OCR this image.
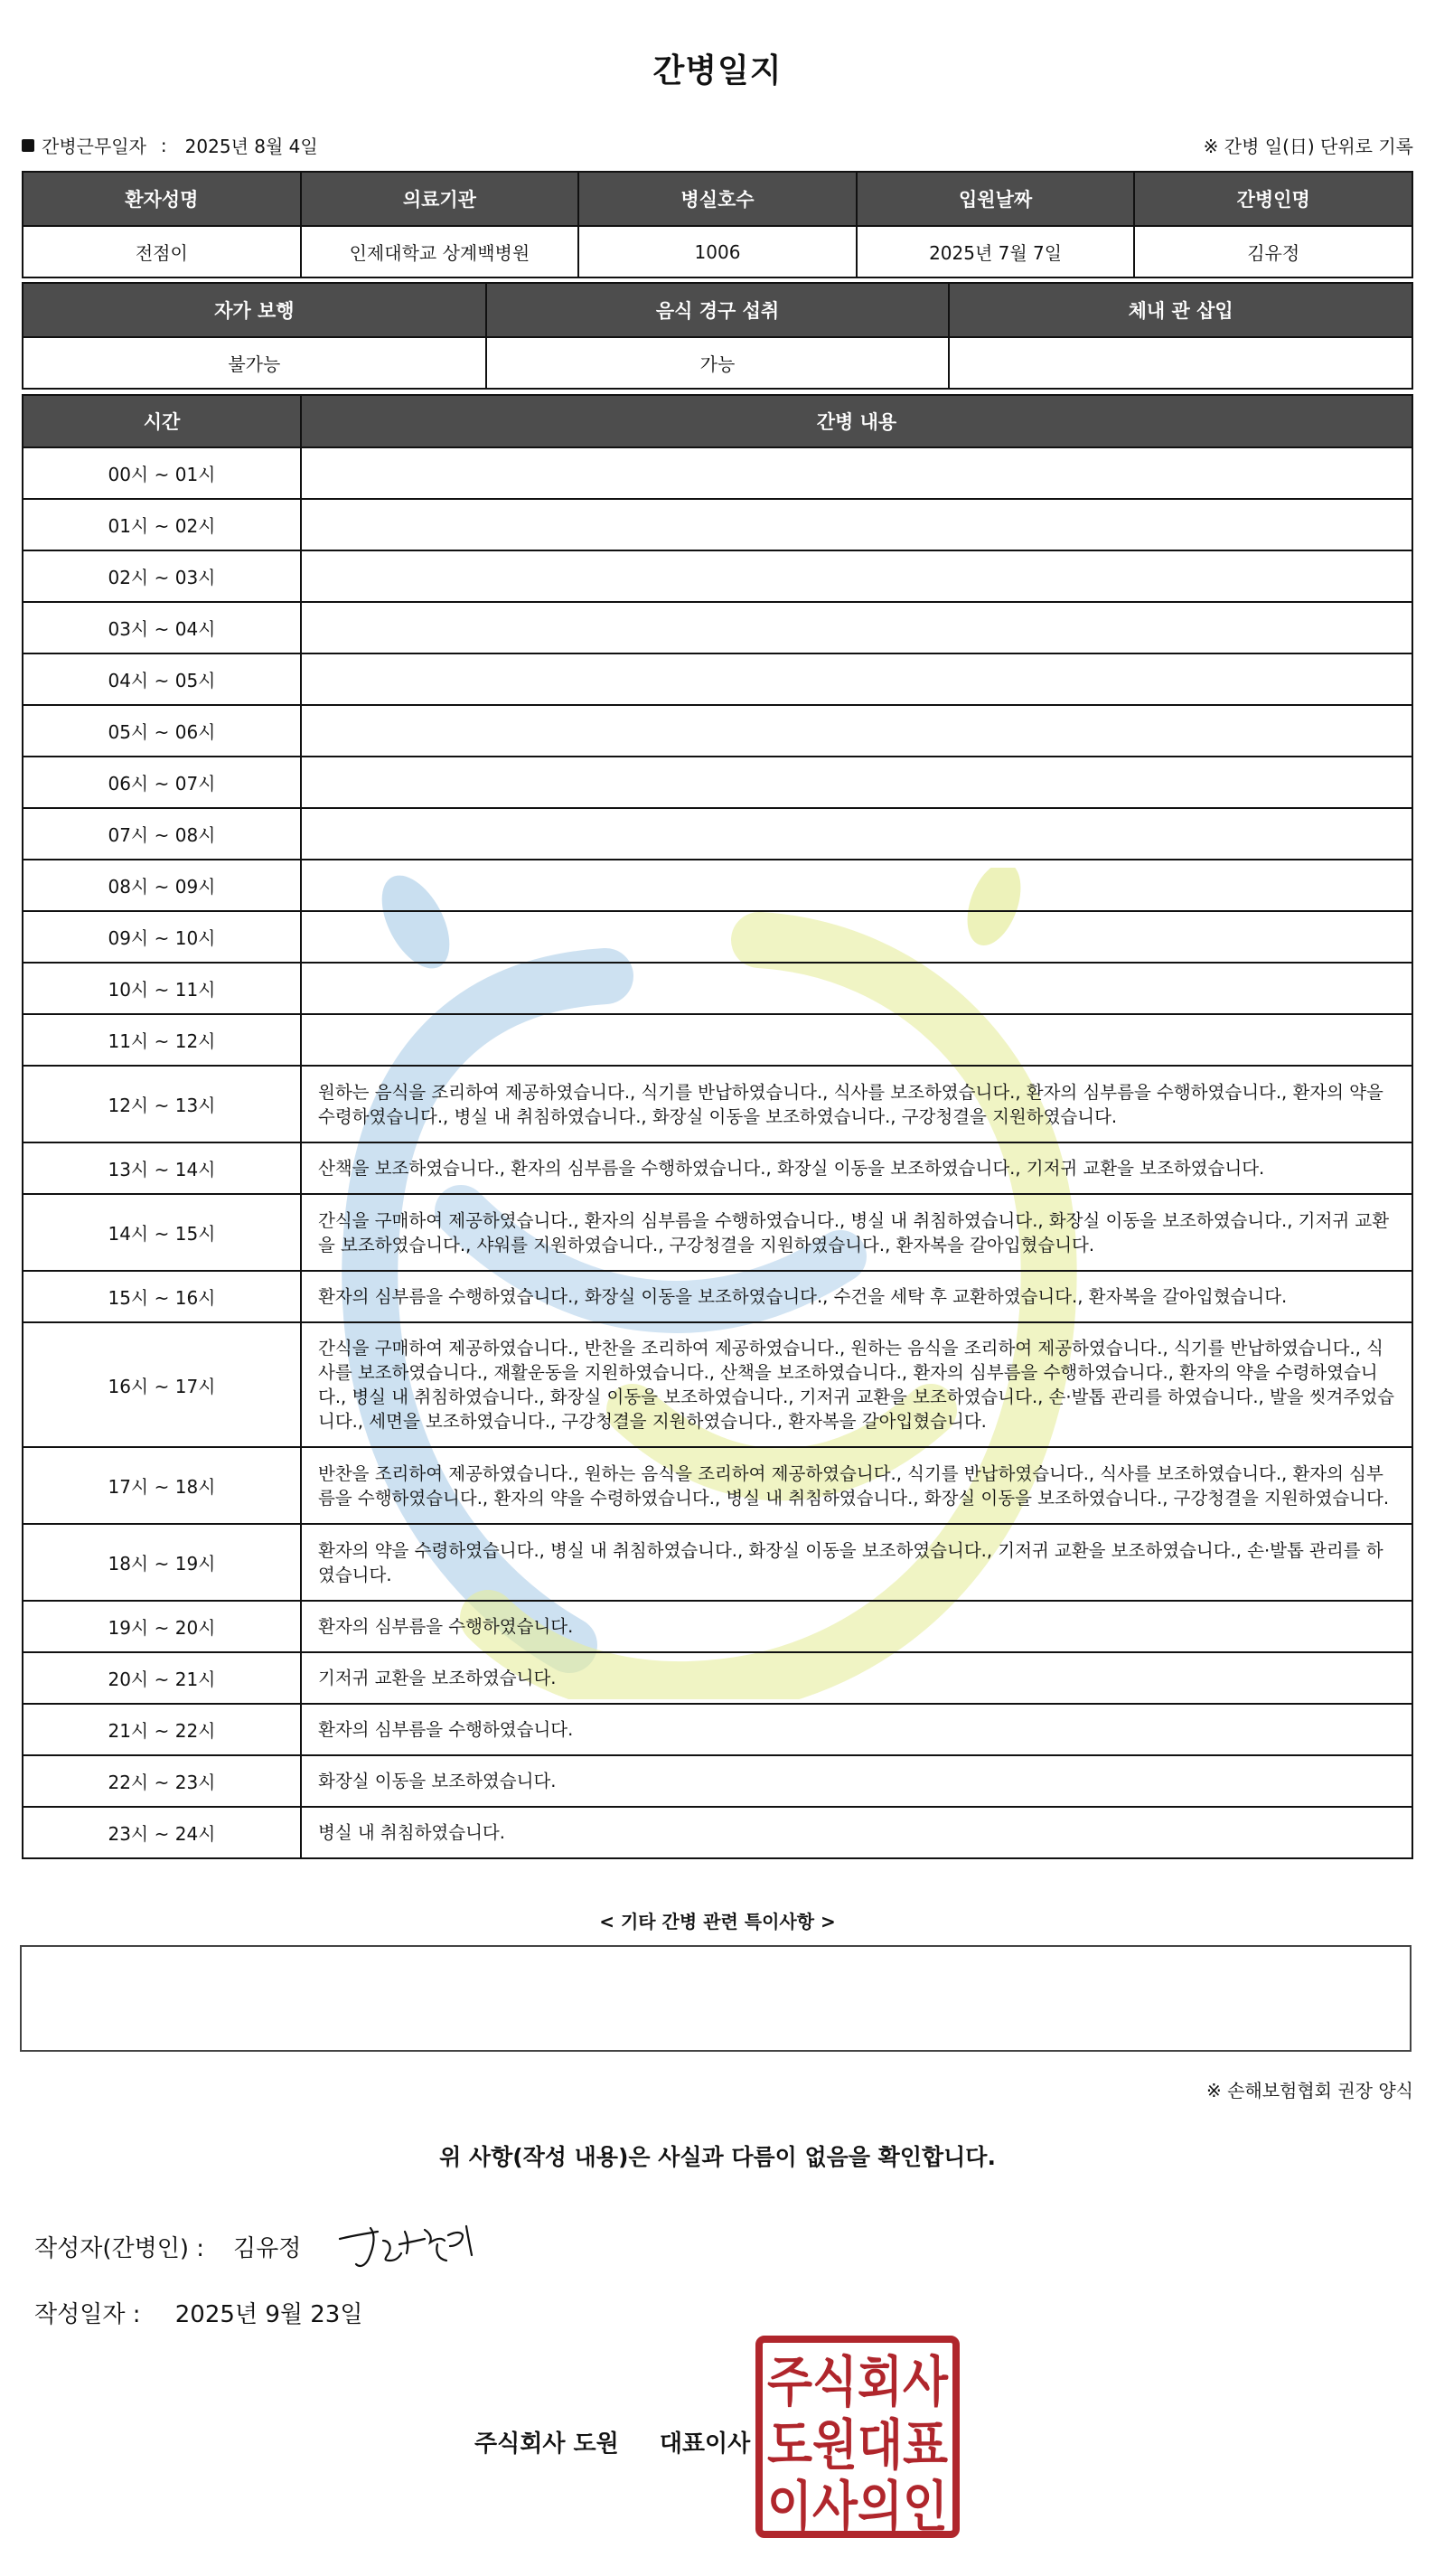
간병일지
간병근무일자 : 2025년 8월 4일	※ 간병 일(日) 단위로 기록
환자성명	의료기관	병실호수	입원날짜	간병인명
전점이	인제대학교 상계백병원	1006	2025년 7월 7일	김유정
자가 보행	음식 경구 섭취	체내 관 삽입
불가능	가능	
시간	간병 내용
00시 ~ 01시	
01시 ~ 02시	
02시 ~ 03시	
03시 ~ 04시	
04시 ~ 05시	
05시 ~ 06시	
06시 ~ 07시	
07시 ~ 08시	
08시 ~ 09시	
09시 ~ 10시	
10시 ~ 11시	
11시 ~ 12시	
12시 ~ 13시	원하는 음식을 조리하여 제공하였습니다., 식기를 반납하였습니다., 식사를 보조하였습니다., 환자의 심부름을 수행하였습니다., 환자의 약을 수령하였습니다., 병실 내 취침하였습니다., 화장실 이동을 보조하였습니다., 구강청결을 지원하였습니다.
13시 ~ 14시	산책을 보조하였습니다., 환자의 심부름을 수행하였습니다., 화장실 이동을 보조하였습니다., 기저귀 교환을 보조하였습니다.
14시 ~ 15시	간식을 구매하여 제공하였습니다., 환자의 심부름을 수행하였습니다., 병실 내 취침하였습니다., 화장실 이동을 보조하였습니다., 기저귀 교환을 보조하였습니다., 샤워를 지원하였습니다., 구강청결을 지원하였습니다., 환자복을 갈아입혔습니다.
15시 ~ 16시	환자의 심부름을 수행하였습니다., 화장실 이동을 보조하였습니다., 수건을 세탁 후 교환하였습니다., 환자복을 갈아입혔습니다.
16시 ~ 17시	간식을 구매하여 제공하였습니다., 반찬을 조리하여 제공하였습니다., 원하는 음식을 조리하여 제공하였습니다., 식기를 반납하였습니다., 식사를 보조하였습니다., 재활운동을 지원하였습니다., 산책을 보조하였습니다., 환자의 심부름을 수행하였습니다., 환자의 약을 수령하였습니다., 병실 내 취침하였습니다., 화장실 이동을 보조하였습니다., 기저귀 교환을 보조하였습니다., 손·발톱 관리를 하였습니다., 발을 씻겨주었습니다., 세면을 보조하였습니다., 구강청결을 지원하였습니다., 환자복을 갈아입혔습니다.
17시 ~ 18시	반찬을 조리하여 제공하였습니다., 원하는 음식을 조리하여 제공하였습니다., 식기를 반납하였습니다., 식사를 보조하였습니다., 환자의 심부름을 수행하였습니다., 환자의 약을 수령하였습니다., 병실 내 취침하였습니다., 화장실 이동을 보조하였습니다., 구강청결을 지원하였습니다.
18시 ~ 19시	환자의 약을 수령하였습니다., 병실 내 취침하였습니다., 화장실 이동을 보조하였습니다., 기저귀 교환을 보조하였습니다., 손·발톱 관리를 하였습니다.
19시 ~ 20시	환자의 심부름을 수행하였습니다.
20시 ~ 21시	기저귀 교환을 보조하였습니다.
21시 ~ 22시	환자의 심부름을 수행하였습니다.
22시 ~ 23시	화장실 이동을 보조하였습니다.
23시 ~ 24시	병실 내 취침하였습니다.
< 기타 간병 관련 특이사항 >
※ 손해보험협회 권장 양식
위 사항(작성 내용)은 사실과 다름이 없음을 확인합니다.
작성자(간병인) : 김유정
작성일자 : 2025년 9월 23일
주식회사 도원 대표이사
주식회사
도원대표
이사의인
